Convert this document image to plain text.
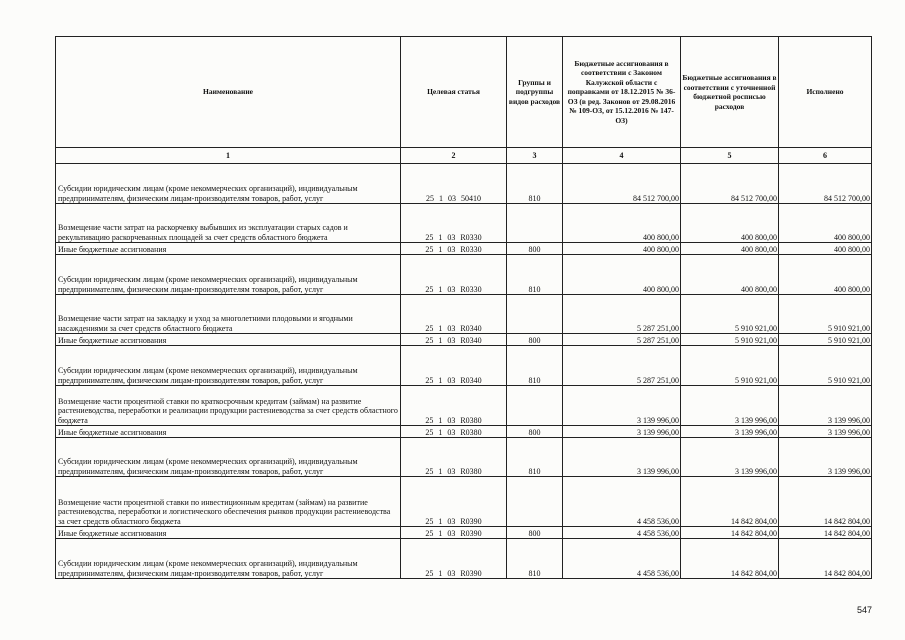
Наименование	Целевая статья	Группы и подгруппы видов расходов	Бюджетные ассигнования в соответствии с Законом Калужской области с поправками от 18.12.2015 № 36-ОЗ (в ред. Законов от 29.08.2016 № 109-ОЗ, от 15.12.2016 № 147-ОЗ)	Бюджетные ассигнования в соответствии с уточненной бюджетной росписью расходов	Исполнено
1	2	3	4	5	6
Субсидии юридическим лицам (кроме некоммерческих организаций), индивидуальным предпринимателям, физическим лицам-производителям товаров, работ, услуг	25 1 03 50410	810	84 512 700,00	84 512 700,00	84 512 700,00
Возмещение части затрат на раскорчевку выбывших из эксплуатации старых садов и рекультивацию раскорчеванных площадей за счет средств областного бюджета	25 1 03 R0330		400 800,00	400 800,00	400 800,00
Иные бюджетные ассигнования	25 1 03 R0330	800	400 800,00	400 800,00	400 800,00
Субсидии юридическим лицам (кроме некоммерческих организаций), индивидуальным предпринимателям, физическим лицам-производителям товаров, работ, услуг	25 1 03 R0330	810	400 800,00	400 800,00	400 800,00
Возмещение части затрат на закладку и уход за многолетними плодовыми и ягодными насаждениями за счет средств областного бюджета	25 1 03 R0340		5 287 251,00	5 910 921,00	5 910 921,00
Иные бюджетные ассигнования	25 1 03 R0340	800	5 287 251,00	5 910 921,00	5 910 921,00
Субсидии юридическим лицам (кроме некоммерческих организаций), индивидуальным предпринимателям, физическим лицам-производителям товаров, работ, услуг	25 1 03 R0340	810	5 287 251,00	5 910 921,00	5 910 921,00
Возмещение части процентной ставки по краткосрочным кредитам (займам) на развитие растениеводства, переработки и реализации продукции растениеводства за счет средств областного бюджета	25 1 03 R0380		3 139 996,00	3 139 996,00	3 139 996,00
Иные бюджетные ассигнования	25 1 03 R0380	800	3 139 996,00	3 139 996,00	3 139 996,00
Субсидии юридическим лицам (кроме некоммерческих организаций), индивидуальным предпринимателям, физическим лицам-производителям товаров, работ, услуг	25 1 03 R0380	810	3 139 996,00	3 139 996,00	3 139 996,00
Возмещение части процентной ставки по инвестиционным кредитам (займам) на развитие растениеводства, переработки и логистического обеспечения рынков продукции растениеводства за счет средств областного бюджета	25 1 03 R0390		4 458 536,00	14 842 804,00	14 842 804,00
Иные бюджетные ассигнования	25 1 03 R0390	800	4 458 536,00	14 842 804,00	14 842 804,00
Субсидии юридическим лицам (кроме некоммерческих организаций), индивидуальным предпринимателям, физическим лицам-производителям товаров, работ, услуг	25 1 03 R0390	810	4 458 536,00	14 842 804,00	14 842 804,00
547
